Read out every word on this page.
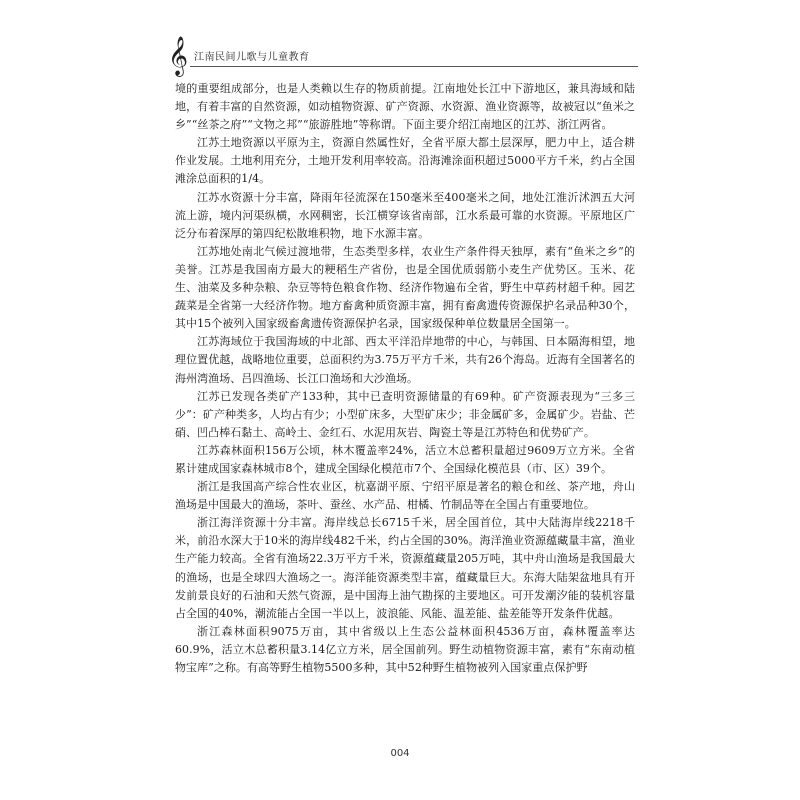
𝄞 江南民间儿歌与儿童教育

境的重要组成部分，也是人类赖以生存的物质前提。江南地处长江中下游地区，兼具海域和陆地，有着丰富的自然资源，如动植物资源、矿产资源、水资源、渔业资源等，故被冠以“鱼米之乡”“丝茶之府”“文物之邦”“旅游胜地”等称谓。下面主要介绍江南地区的江苏、浙江两省。

江苏土地资源以平原为主，资源自然属性好，全省平原大都土层深厚，肥力中上，适合耕作业发展。土地利用充分，土地开发利用率较高。沿海滩涂面积超过5000平方千米，约占全国滩涂总面积的1/4。

江苏水资源十分丰富，降雨年径流深在150毫米至400毫米之间，地处江淮沂沭泗五大河流上游，境内河渠纵横，水网稠密，长江横穿该省南部，江水系最可靠的水资源。平原地区广泛分布着深厚的第四纪松散堆积物，地下水源丰富。

江苏地处南北气候过渡地带，生态类型多样，农业生产条件得天独厚，素有“鱼米之乡”的美誉。江苏是我国南方最大的粳稻生产省份，也是全国优质弱筋小麦生产优势区。玉米、花生、油菜及多种杂粮、杂豆等特色粮食作物、经济作物遍布全省，野生中草药材超千种。园艺蔬菜是全省第一大经济作物。地方畜禽种质资源丰富，拥有畜禽遗传资源保护名录品种30个，其中15个被列入国家级畜禽遗传资源保护名录，国家级保种单位数量居全国第一。

江苏海域位于我国海域的中北部、西太平洋沿岸地带的中心，与韩国、日本隔海相望，地理位置优越，战略地位重要，总面积约为3.75万平方千米，共有26个海岛。近海有全国著名的海州湾渔场、吕四渔场、长江口渔场和大沙渔场。

江苏已发现各类矿产133种，其中已查明资源储量的有69种。矿产资源表现为“三多三少”：矿产种类多，人均占有少；小型矿床多，大型矿床少；非金属矿多，金属矿少。岩盐、芒硝、凹凸棒石黏土、高岭土、金红石、水泥用灰岩、陶瓷土等是江苏特色和优势矿产。

江苏森林面积156万公顷，林木覆盖率24%，活立木总蓄积量超过9609万立方米。全省累计建成国家森林城市8个，建成全国绿化模范市7个、全国绿化模范县（市、区）39个。

浙江是我国高产综合性农业区，杭嘉湖平原、宁绍平原是著名的粮仓和丝、茶产地，舟山渔场是中国最大的渔场，茶叶、蚕丝、水产品、柑橘、竹制品等在全国占有重要地位。

浙江海洋资源十分丰富。海岸线总长6715千米，居全国首位，其中大陆海岸线2218千米，前沿水深大于10米的海岸线482千米，约占全国的30%。海洋渔业资源蕴藏量丰富，渔业生产能力较高。全省有渔场22.3万平方千米，资源蕴藏量205万吨，其中舟山渔场是我国最大的渔场，也是全球四大渔场之一。海洋能资源类型丰富，蕴藏量巨大。东海大陆架盆地具有开发前景良好的石油和天然气资源，是中国海上油气勘探的主要地区。可开发潮汐能的装机容量占全国的40%，潮流能占全国一半以上，波浪能、风能、温差能、盐差能等开发条件优越。

浙江森林面积9075万亩，其中省级以上生态公益林面积4536万亩，森林覆盖率达60.9%，活立木总蓄积量3.14亿立方米，居全国前列。野生动植物资源丰富，素有“东南动植物宝库”之称。有高等野生植物5500多种，其中52种野生植物被列入国家重点保护野

004
